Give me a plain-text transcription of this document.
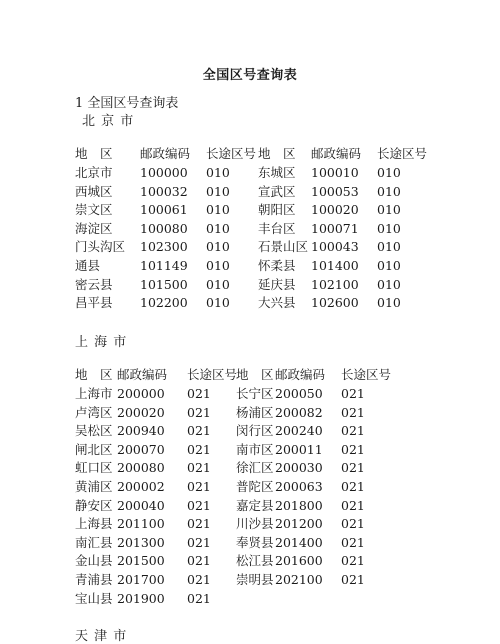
全国区号查询表
1 全国区号查询表
北 京 市
地　区 邮政编码 长途区号 地　区 邮政编码 长途区号
北京市 100000 010 东城区 100010 010
西城区 100032 010 宣武区 100053 010
崇文区 100061 010 朝阳区 100020 010
海淀区 100080 010 丰台区 100071 010
门头沟区 102300 010 石景山区 100043 010
通县	101149 010 怀柔县 101400 010
密云县 101500 010 延庆县 102100 010
昌平县 102200 010 大兴县 102600 010
上 海 市
地　区 邮政编码 长途区号
地　区 邮政编码 长途区号
上海市 200000 021 长宁区 200050 021
卢湾区 200020 021 杨浦区 200082 021
吴松区 200940 021 闵行区 200240 021
闸北区 200070 021 南市区 200011 021
虹口区 200080 021 徐汇区 200030 021
黄浦区 200002 021 普陀区 200063 021
静安区 200040 021 嘉定县 201800 021
上海县 201100 021 川沙县 201200 021
南汇县 201300 021 奉贤县 201400 021
金山县 201500 021 松江县 201600 021
青浦县 201700 021 崇明县 202100 021
宝山县 201900 021
天 津 市
